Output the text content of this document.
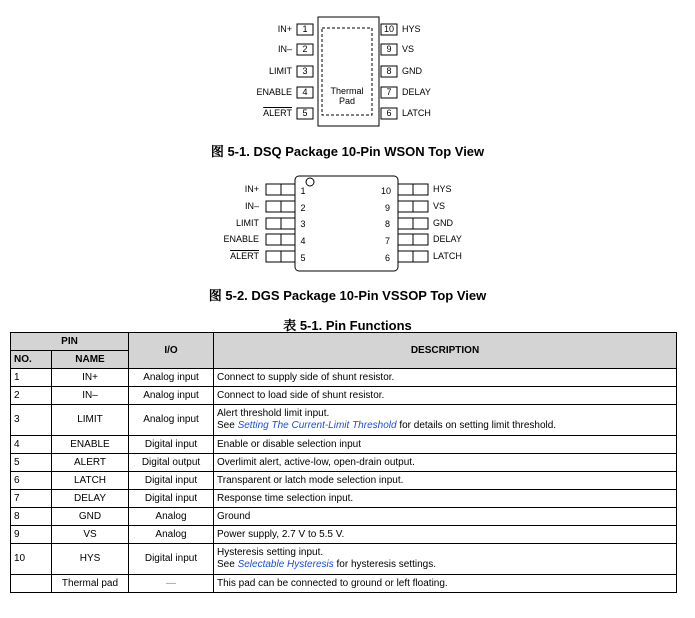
Thermal
Pad
IN+
IN–
LIMIT
ENABLE
ALERT
1
2
3
4
5
10
9
8
7
6
HYS
VS
GND
DELAY
LATCH
图 5-1. DSQ Package 10-Pin WSON Top View
IN+
IN–
LIMIT
ENABLE
ALERT
1
2
3
4
5
10
9
8
7
6
HYS
VS
GND
DELAY
LATCH
图 5-2. DGS Package 10-Pin VSSOP Top View
表 5-1. Pin Functions
PIN		I/O	DESCRIPTION
NO.	NAME		
1	IN+	Analog input	Connect to supply side of shunt resistor.
2	IN–	Analog input	Connect to load side of shunt resistor.
3	LIMIT	Analog input	Alert threshold limit input.
See Setting The Current-Limit Threshold for details on setting limit threshold.

4	ENABLE	Digital input	Enable or disable selection input
5	ALERT	Digital output	Overlimit alert, active-low, open-drain output.
6	LATCH	Digital input	Transparent or latch mode selection input.
7	DELAY	Digital input	Response time selection input.
8	GND	Analog	Ground
9	VS	Analog	Power supply, 2.7 V to 5.5 V.
10	HYS	Digital input	Hysteresis setting input.
See Selectable Hysteresis for hysteresis settings.

	Thermal pad	—	This pad can be connected to ground or left floating.
